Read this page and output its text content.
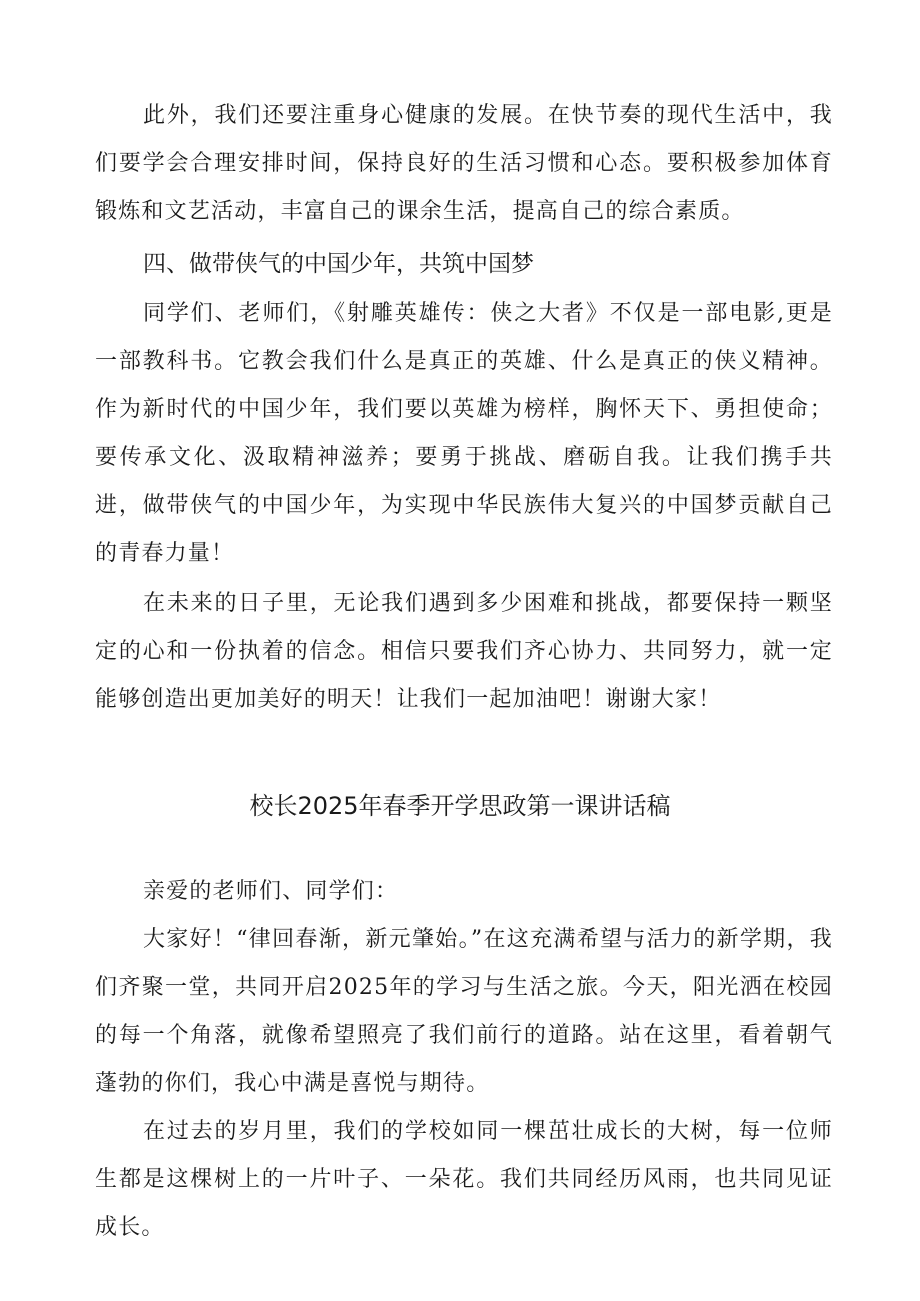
此外，我们还要注重身心健康的发展。在快节奏的现代生活中，我们要学会合理安排时间，保持良好的生活习惯和心态。要积极参加体育锻炼和文艺活动，丰富自己的课余生活，提高自己的综合素质。

四、做带侠气的中国少年，共筑中国梦

同学们、老师们，《射雕英雄传：侠之大者》不仅是一部电影,更是一部教科书。它教会我们什么是真正的英雄、什么是真正的侠义精神。作为新时代的中国少年，我们要以英雄为榜样，胸怀天下、勇担使命；要传承文化、汲取精神滋养；要勇于挑战、磨砺自我。让我们携手共进，做带侠气的中国少年，为实现中华民族伟大复兴的中国梦贡献自己的青春力量！

在未来的日子里，无论我们遇到多少困难和挑战，都要保持一颗坚定的心和一份执着的信念。相信只要我们齐心协力、共同努力，就一定能够创造出更加美好的明天！让我们一起加油吧！谢谢大家！

校长2025年春季开学思政第一课讲话稿

亲爱的老师们、同学们：

大家好！“律回春渐，新元肇始。”在这充满希望与活力的新学期，我们齐聚一堂，共同开启2025年的学习与生活之旅。今天，阳光洒在校园的每一个角落，就像希望照亮了我们前行的道路。站在这里，看着朝气蓬勃的你们，我心中满是喜悦与期待。

在过去的岁月里，我们的学校如同一棵茁壮成长的大树，每一位师生都是这棵树上的一片叶子、一朵花。我们共同经历风雨，也共同见证成长。
